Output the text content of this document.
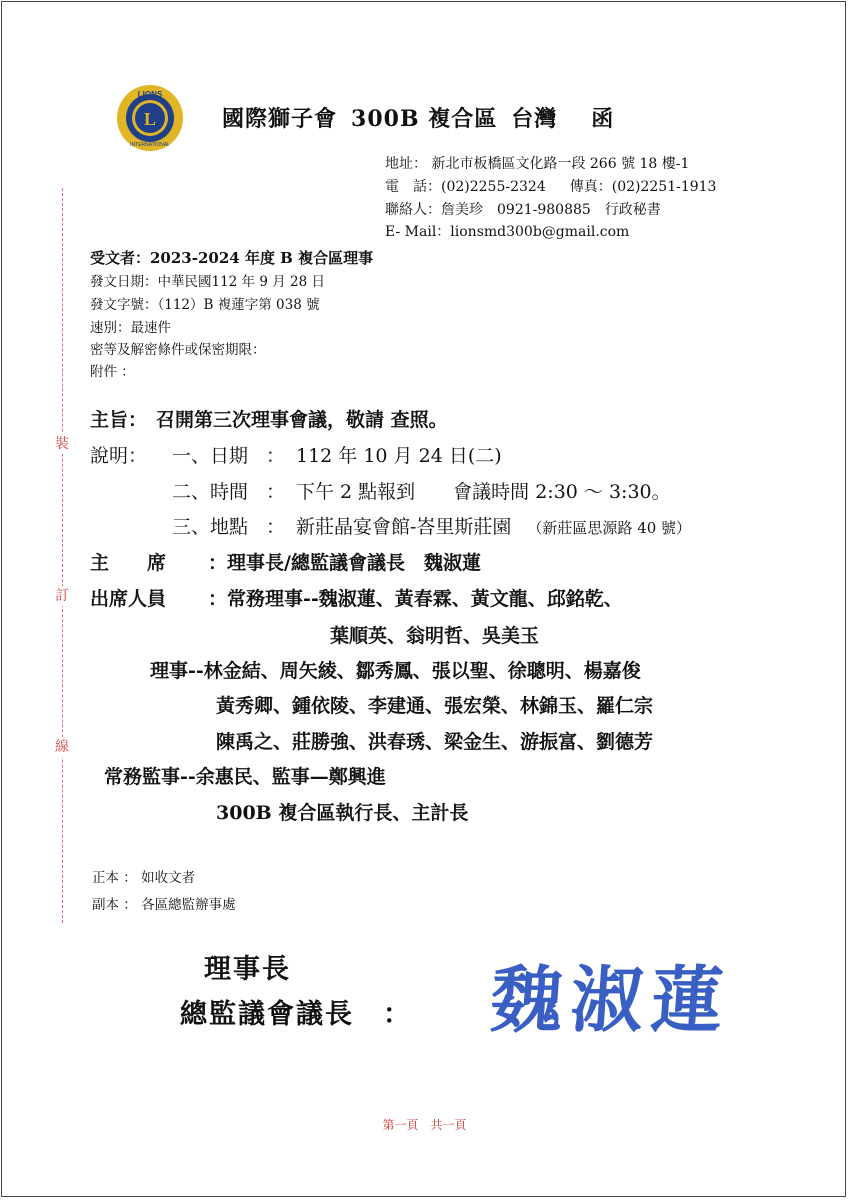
裝
訂
線
LIONS
INTERNATIONAL
L	國際獅子會 300B 複合區 台灣 函
地址： 新北市板橋區文化路一段 266 號 18 樓-1
電　話：(02)2255-2324 傳真：(02)2251-1913
聯絡人：詹美珍　0921-980885　行政秘書
E- Mail：lionsmd300b@gmail.com
受文者：2023-2024 年度 B 複合區理事
發文日期：中華民國112 年 9 月 28 日
發文字號：（112）B 複蓮字第 038 號
速別：最速件
密等及解密條件或保密期限：
附件 ：
主旨： 召開第三次理事會議，敬請 查照。
說明： 一、日期 ： 112 年 10 月 24 日(二)
二、時間 ： 下午 2 點報到　　會議時間 2:30 ～ 3:30。
三、地點 ： 新莊晶宴會館-峇里斯莊園 （新莊區思源路 40 號）
主　　席 ：理事長/總監議會議長　魏淑蓮
出席人員 ：常務理事--魏淑蓮、黃春霖、黃文龍、邱銘乾、
葉順英、翁明哲、吳美玉
理事--林金結、周矢綾、鄒秀鳳、張以聖、徐聰明、楊嘉俊
黃秀卿、鍾依陵、李建通、張宏榮、林錦玉、羅仁宗
陳禹之、莊勝強、洪春琇、梁金生、游振富、劉德芳
常務監事--余惠民、監事—鄭興進
300B 複合區執行長、主計長
正本 ： 如收文者
副本 ： 各區總監辦事處
理事長
總監議會議長　： 魏淑蓮
第一頁　共一頁
